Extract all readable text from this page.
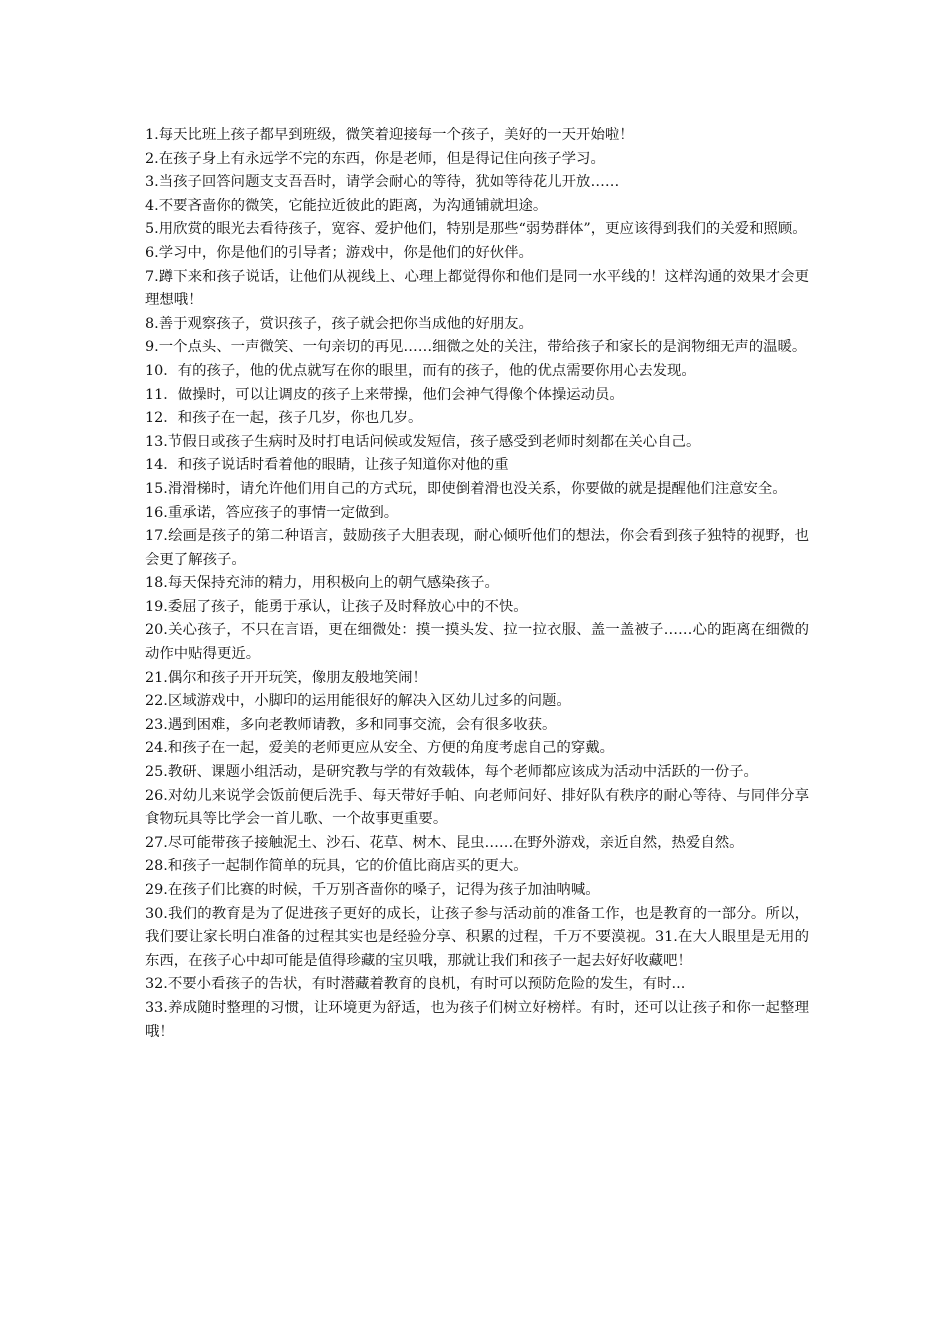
1.每天比班上孩子都早到班级，微笑着迎接每一个孩子，美好的一天开始啦！

2.在孩子身上有永远学不完的东西，你是老师，但是得记住向孩子学习。

3.当孩子回答问题支支吾吾时，请学会耐心的等待，犹如等待花儿开放……

4.不要吝啬你的微笑，它能拉近彼此的距离，为沟通铺就坦途。

5.用欣赏的眼光去看待孩子，宽容、爱护他们，特别是那些“弱势群体”，更应该得到我们的关爱和照顾。

6.学习中，你是他们的引导者；游戏中，你是他们的好伙伴。

7.蹲下来和孩子说话，让他们从视线上、心理上都觉得你和他们是同一水平线的！这样沟通的效果才会更理想哦！

8.善于观察孩子，赏识孩子，孩子就会把你当成他的好朋友。

9.一个点头、一声微笑、一句亲切的再见……细微之处的关注，带给孩子和家长的是润物细无声的温暖。

10．有的孩子，他的优点就写在你的眼里，而有的孩子，他的优点需要你用心去发现。

11．做操时，可以让调皮的孩子上来带操，他们会神气得像个体操运动员。

12．和孩子在一起，孩子几岁，你也几岁。

13.节假日或孩子生病时及时打电话问候或发短信，孩子感受到老师时刻都在关心自己。

14．和孩子说话时看着他的眼睛，让孩子知道你对他的重

15.滑滑梯时，请允许他们用自己的方式玩，即使倒着滑也没关系，你要做的就是提醒他们注意安全。

16.重承诺，答应孩子的事情一定做到。

17.绘画是孩子的第二种语言，鼓励孩子大胆表现，耐心倾听他们的想法，你会看到孩子独特的视野，也会更了解孩子。

18.每天保持充沛的精力，用积极向上的朝气感染孩子。

19.委屈了孩子，能勇于承认，让孩子及时释放心中的不快。

20.关心孩子，不只在言语，更在细微处：摸一摸头发、拉一拉衣服、盖一盖被子……心的距离在细微的动作中贴得更近。

21.偶尔和孩子开开玩笑，像朋友般地笑闹！

22.区域游戏中，小脚印的运用能很好的解决入区幼儿过多的问题。

23.遇到困难，多向老教师请教，多和同事交流，会有很多收获。

24.和孩子在一起，爱美的老师更应从安全、方便的角度考虑自己的穿戴。

25.教研、课题小组活动，是研究教与学的有效载体，每个老师都应该成为活动中活跃的一份子。

26.对幼儿来说学会饭前便后洗手、每天带好手帕、向老师问好、排好队有秩序的耐心等待、与同伴分享食物玩具等比学会一首儿歌、一个故事更重要。

27.尽可能带孩子接触泥土、沙石、花草、树木、昆虫……在野外游戏，亲近自然，热爱自然。

28.和孩子一起制作简单的玩具，它的价值比商店买的更大。

29.在孩子们比赛的时候，千万别吝啬你的嗓子，记得为孩子加油呐喊。

30.我们的教育是为了促进孩子更好的成长，让孩子参与活动前的准备工作，也是教育的一部分。所以，我们要让家长明白准备的过程其实也是经验分享、积累的过程，千万不要漠视。31.在大人眼里是无用的东西，在孩子心中却可能是值得珍藏的宝贝哦，那就让我们和孩子一起去好好收藏吧！

32.不要小看孩子的告状，有时潜藏着教育的良机，有时可以预防危险的发生，有时...

33.养成随时整理的习惯，让环境更为舒适，也为孩子们树立好榜样。有时，还可以让孩子和你一起整理哦！
